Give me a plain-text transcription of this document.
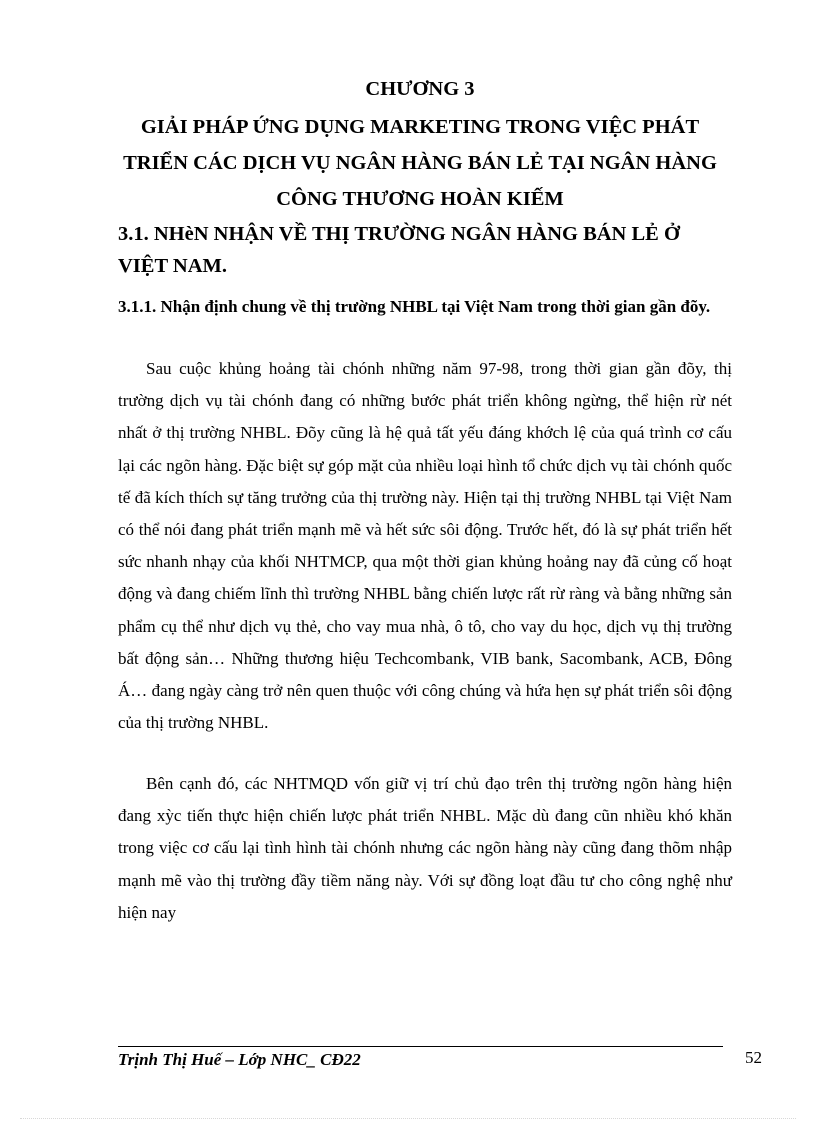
CHƯƠNG 3
GIẢI PHÁP ỨNG DỤNG MARKETING TRONG VIỆC PHÁT
TRIỂN CÁC DỊCH VỤ NGÂN HÀNG BÁN LẺ TẠI NGÂN HÀNG
CÔNG THƯƠNG HOÀN KIẾM
3.1. NHèN NHẬN VỀ THỊ TRƯỜNG NGÂN HÀNG BÁN LẺ Ở VIỆT NAM.
3.1.1. Nhận định chung về thị trường NHBL tại Việt Nam trong thời gian gần đõy.

Sau cuộc khủng hoảng tài chónh những năm 97-98, trong thời gian gần đõy, thị trường dịch vụ tài chónh đang có những bước phát triển không ngừng, thể hiện rừ nét nhất ở thị trường NHBL. Đõy cũng là hệ quả tất yếu đáng khớch lệ của quá trình cơ cấu lại các ngõn hàng. Đặc biệt sự góp mặt của nhiều loại hình tổ chức dịch vụ tài chónh quốc tế đã kích thích sự tăng trưởng của thị trường này. Hiện tại thị trường NHBL tại Việt Nam có thể nói đang phát triển mạnh mẽ và hết sức sôi động. Trước hết, đó là sự phát triển hết sức nhanh nhạy của khối NHTMCP, qua một thời gian khủng hoảng nay đã củng cố hoạt động và đang chiếm lĩnh thì trường NHBL bằng chiến lược rất rừ ràng và bằng những sản phẩm cụ thể như dịch vụ thẻ, cho vay mua nhà, ô tô, cho vay du học, dịch vụ thị trường bất động sản… Những thương hiệu Techcombank, VIB bank, Sacombank, ACB, Đông Á… đang ngày càng trở nên quen thuộc với công chúng và hứa hẹn sự phát triển sôi động của thị trường NHBL.

Bên cạnh đó, các NHTMQD vốn giữ vị trí chủ đạo trên thị trường ngõn hàng hiện đang xỳc tiến thực hiện chiến lược phát triển NHBL. Mặc dù đang cũn nhiều khó khăn trong việc cơ cấu lại tình hình tài chónh nhưng các ngõn hàng này cũng đang thõm nhập mạnh mẽ vào thị trường đầy tiềm năng này. Với sự đồng loạt đầu tư cho công nghệ như hiện nay

Trịnh Thị Huế – Lớp NHC_ CĐ22	52
